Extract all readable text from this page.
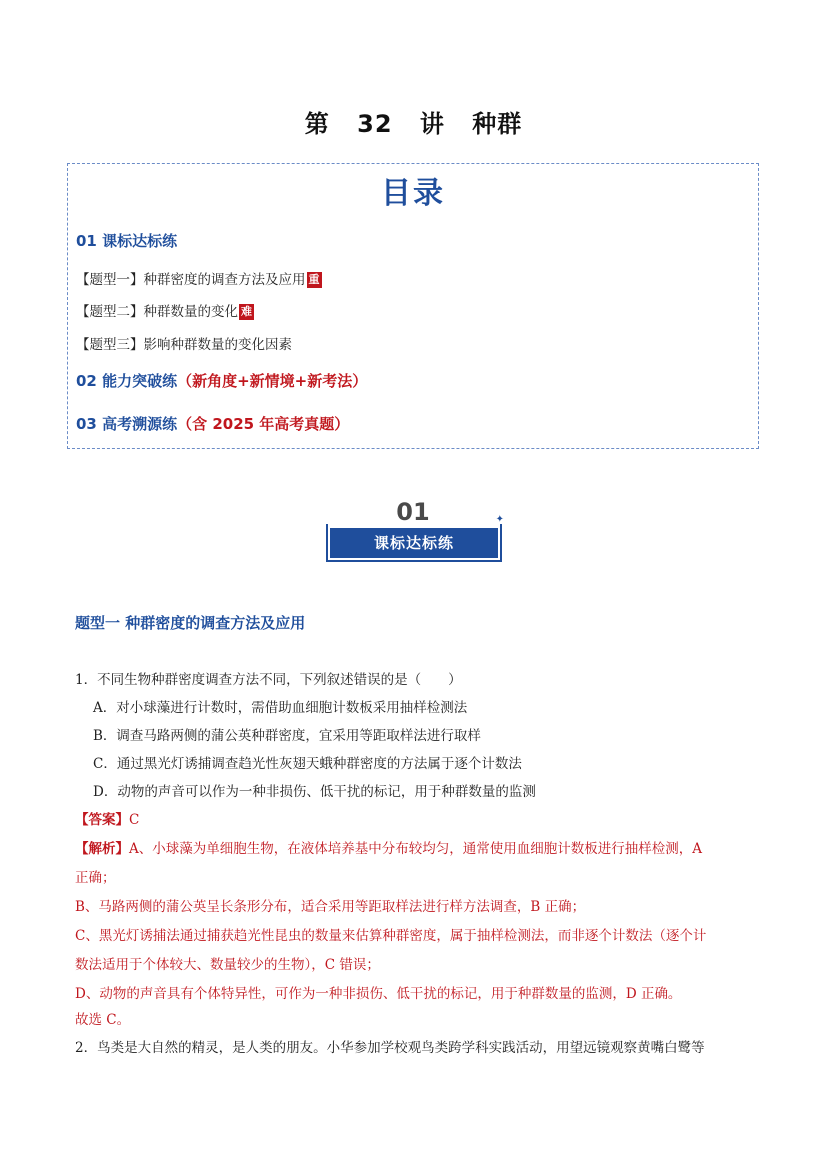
第 32 讲 种群
目录
01 课标达标练
【题型一】种群密度的调查方法及应用 重
【题型二】种群数量的变化 难
【题型三】影响种群数量的变化因素
02 能力突破练（新角度+新情境+新考法）
03 高考溯源练（含 2025 年高考真题）
01
课标达标练
✦
题型一 种群密度的调查方法及应用
1．不同生物种群密度调查方法不同，下列叙述错误的是（　　）
A．对小球藻进行计数时，需借助血细胞计数板采用抽样检测法
B．调查马路两侧的蒲公英种群密度，宜采用等距取样法进行取样
C．通过黑光灯诱捕调查趋光性灰翅天蛾种群密度的方法属于逐个计数法
D．动物的声音可以作为一种非损伤、低干扰的标记，用于种群数量的监测
【答案】C
【解析】A、小球藻为单细胞生物，在液体培养基中分布较均匀，通常使用血细胞计数板进行抽样检测，A
正确；
B、马路两侧的蒲公英呈长条形分布，适合采用等距取样法进行样方法调查，B 正确；
C、黑光灯诱捕法通过捕获趋光性昆虫的数量来估算种群密度，属于抽样检测法，而非逐个计数法（逐个计
数法适用于个体较大、数量较少的生物），C 错误；
D、动物的声音具有个体特异性，可作为一种非损伤、低干扰的标记，用于种群数量的监测，D 正确。
故选 C。
2．鸟类是大自然的精灵，是人类的朋友。小华参加学校观鸟类跨学科实践活动，用望远镜观察黄嘴白鹭等
